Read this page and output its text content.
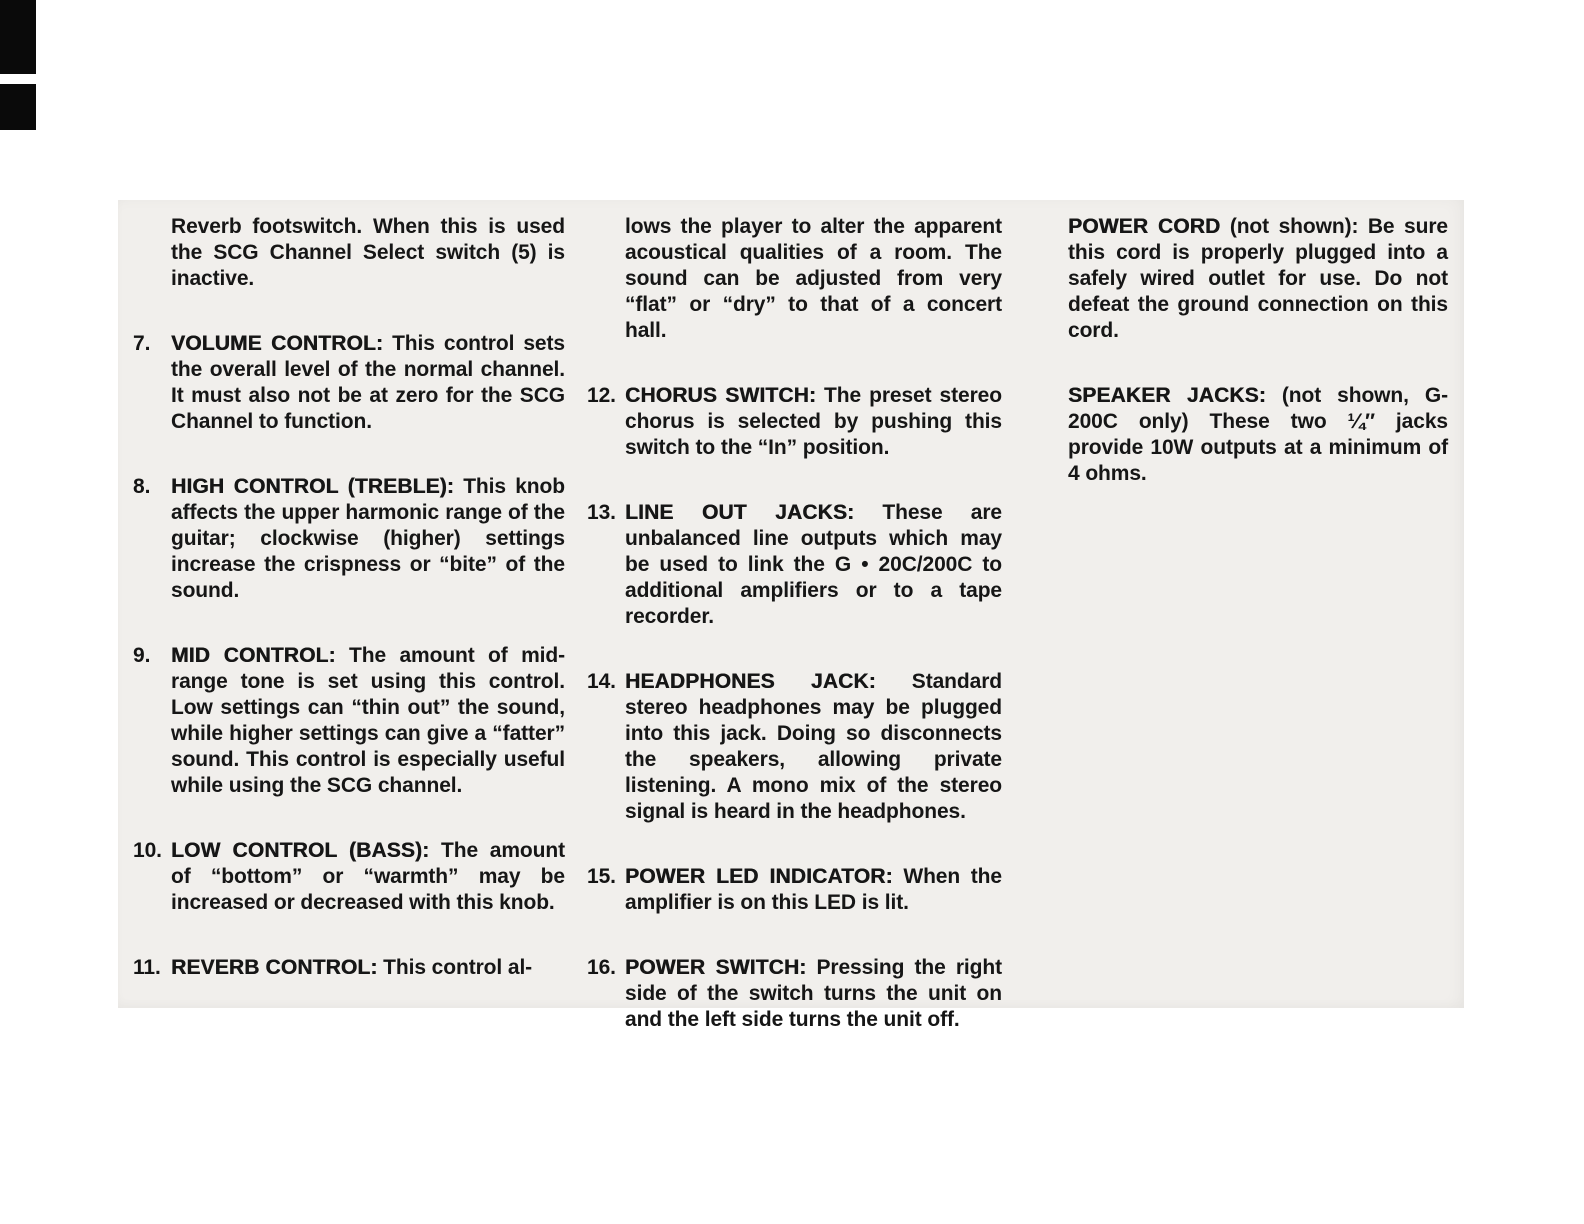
Reverb footswitch. When this is used the SCG Channel Select switch (5) is inactive.

7. VOLUME CONTROL: This control sets the overall level of the normal channel. It must also not be at zero for the SCG Channel to function.

8. HIGH CONTROL (TREBLE): This knob affects the upper harmonic range of the guitar; clockwise (higher) settings increase the crispness or “bite” of the sound.

9. MID CONTROL: The amount of mid-range tone is set using this control. Low settings can “thin out” the sound, while higher settings can give a “fatter” sound. This control is especially useful while using the SCG channel.

10. LOW CONTROL (BASS): The amount of “bottom” or “warmth” may be increased or decreased with this knob.

11. REVERB CONTROL: This control al-

lows the player to alter the apparent acoustical qualities of a room. The sound can be adjusted from very “flat” or “dry” to that of a concert hall.

12. CHORUS SWITCH: The preset stereo chorus is selected by pushing this switch to the “In” position.

13. LINE OUT JACKS: These are unbalanced line outputs which may be used to link the G • 20C/200C to additional amplifiers or to a tape recorder.

14. HEADPHONES JACK: Standard stereo headphones may be plugged into this jack. Doing so disconnects the speakers, allowing private listening. A mono mix of the stereo signal is heard in the headphones.

15. POWER LED INDICATOR: When the amplifier is on this LED is lit.

16. POWER SWITCH: Pressing the right side of the switch turns the unit on and the left side turns the unit off.

POWER CORD (not shown): Be sure this cord is properly plugged into a safely wired outlet for use. Do not defeat the ground connection on this cord.

SPEAKER JACKS: (not shown, G-200C only) These two ¼″ jacks provide 10W outputs at a minimum of 4 ohms.
